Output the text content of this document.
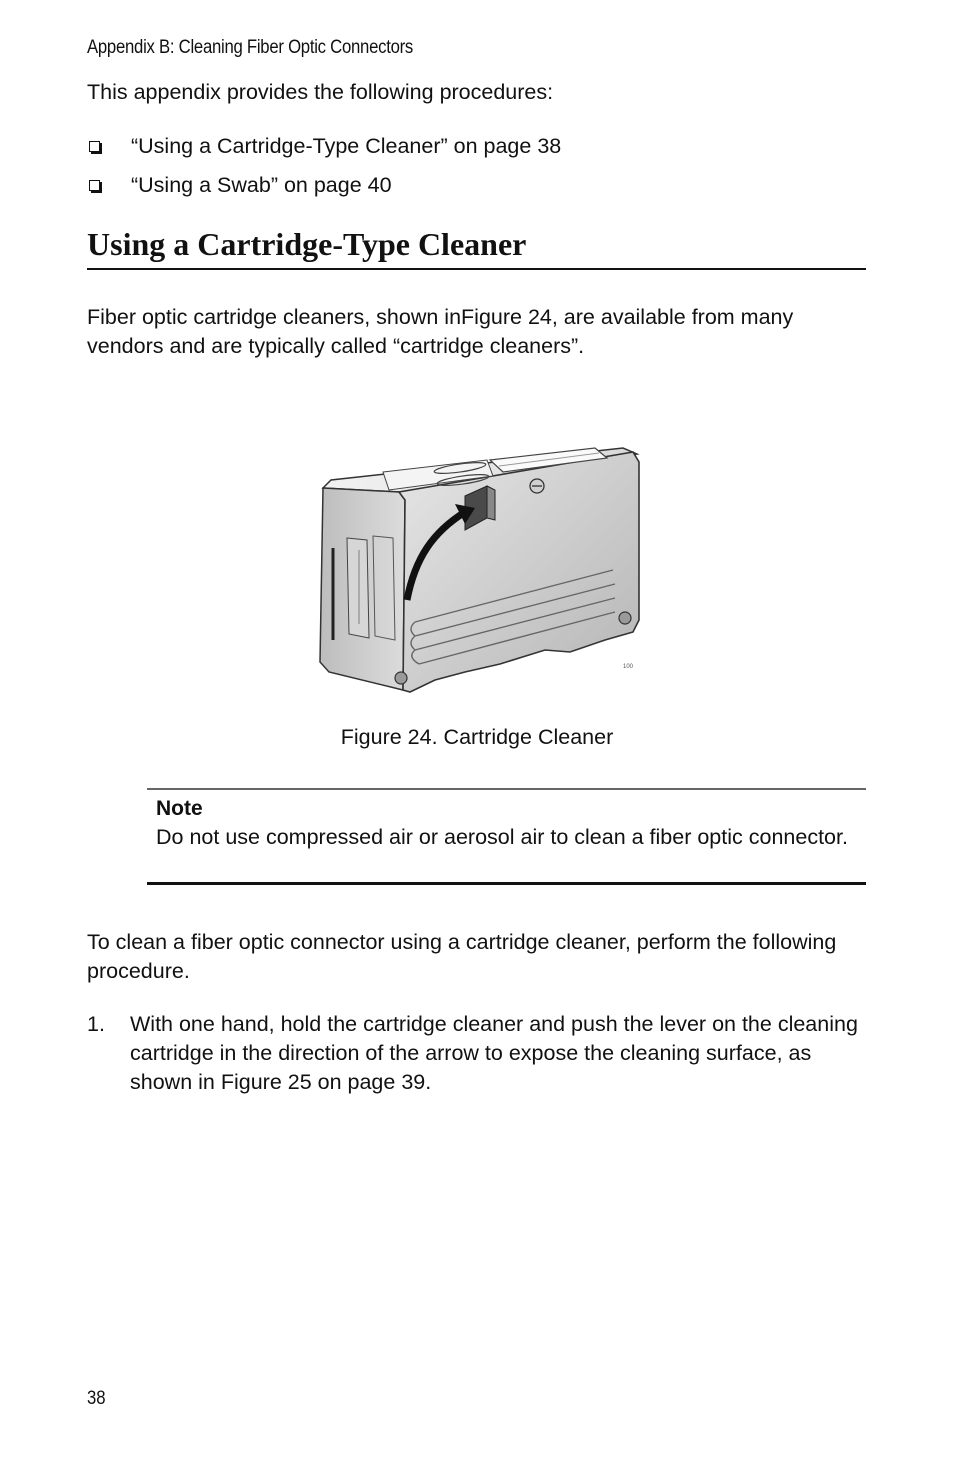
Appendix B: Cleaning Fiber Optic Connectors

This appendix provides the following procedures:

“Using a Cartridge-Type Cleaner” on page 38
“Using a Swab” on page 40
Using a Cartridge-Type Cleaner

Fiber optic cartridge cleaners, shown inFigure 24, are available from many vendors and are typically called “cartridge cleaners”.

100
Figure 24. Cartridge Cleaner
Note
Do not use compressed air or aerosol air to clean a fiber optic connector.

To clean a fiber optic connector using a cartridge cleaner, perform the following procedure.

1.	With one hand, hold the cartridge cleaner and push the lever on the cleaning cartridge in the direction of the arrow to expose the cleaning surface, as shown in Figure 25 on page 39.
38
